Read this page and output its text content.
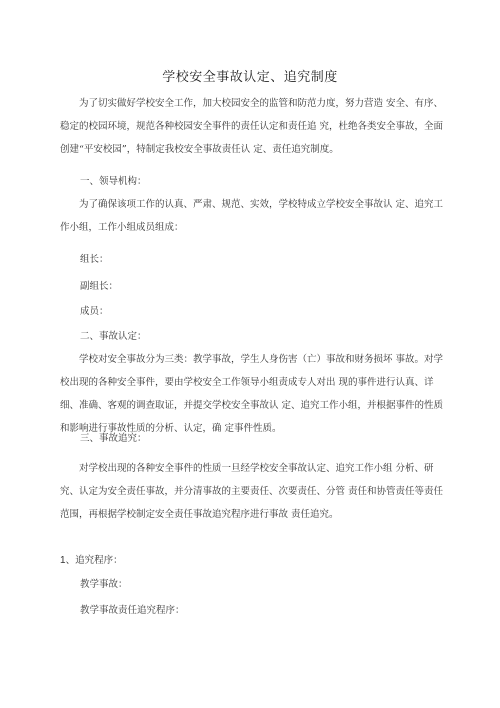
学校安全事故认定、追究制度
为了切实做好学校安全工作，加大校园安全的监管和防范力度，努力营造 安全、有序、稳定的校园环境，规范各种校园安全事件的责任认定和责任追 究，杜绝各类安全事故，全面创建“平安校园”，特制定我校安全事故责任认 定、责任追究制度。
一、领导机构：
为了确保该项工作的认真、严肃、规范、实效，学校特成立学校安全事故认 定、追究工作小组，工作小组成员组成：
组长：
副组长：
成员：
二、事故认定：
学校对安全事故分为三类：教学事故，学生人身伤害（亡）事故和财务损坏 事故。对学校出现的各种安全事件，要由学校安全工作领导小组责成专人对出 现的事件进行认真、详细、准确、客观的调查取证，并提交学校安全事故认 定、追究工作小组，并根据事件的性质和影响进行事故性质的分析、认定，确 定事件性质。
三、事故追究：
对学校出现的各种安全事件的性质一旦经学校安全事故认定、追究工作小组 分析、研究、认定为安全责任事故，并分清事故的主要责任、次要责任、分管 责任和协管责任等责任范围，再根据学校制定安全责任事故追究程序进行事故 责任追究。
1、追究程序：
教学事故：
教学事故责任追究程序：
